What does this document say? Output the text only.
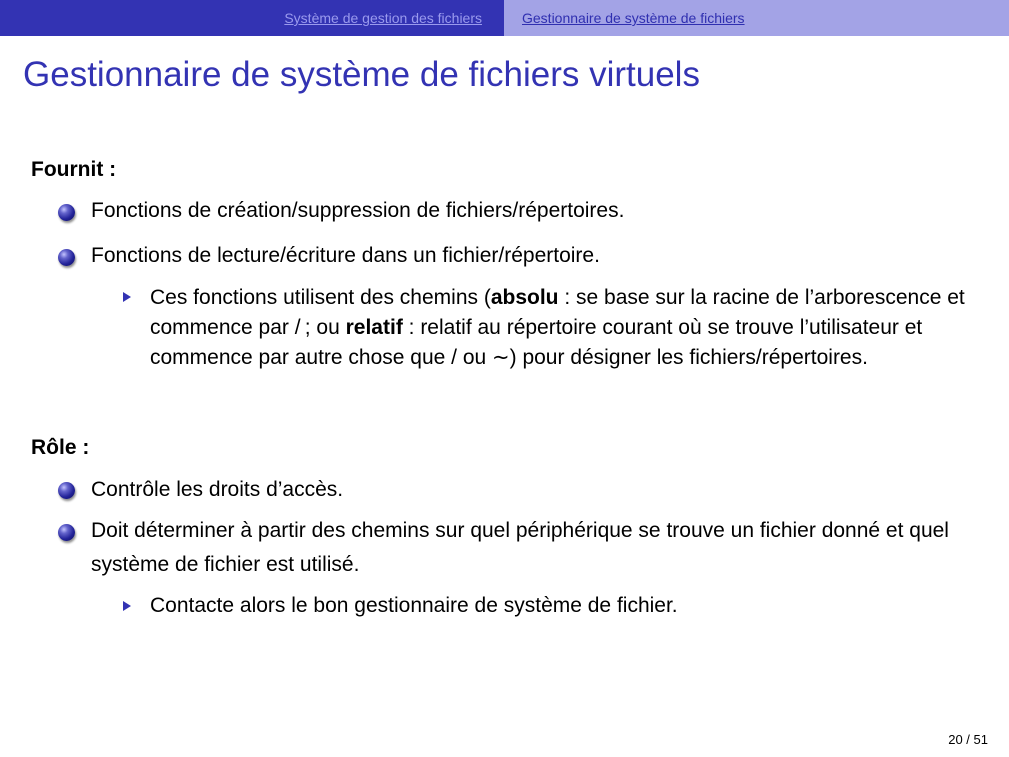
Système de gestion des fichiers	Gestionnaire de système de fichiers
Gestionnaire de système de fichiers virtuels
Fournit :

Fonctions de création/suppression de fichiers/répertoires.

Fonctions de lecture/écriture dans un fichier/répertoire.

Ces fonctions utilisent des chemins (absolu : se base sur la racine de l’arborescence et commence par / ; ou relatif : relatif au répertoire courant où se trouve l’utilisateur et commence par autre chose que / ou ∼) pour désigner les fichiers/répertoires.

Rôle :

Contrôle les droits d’accès.

Doit déterminer à partir des chemins sur quel périphérique se trouve un fichier donné et quel système de fichier est utilisé.

Contacte alors le bon gestionnaire de système de fichier.

20 / 51
